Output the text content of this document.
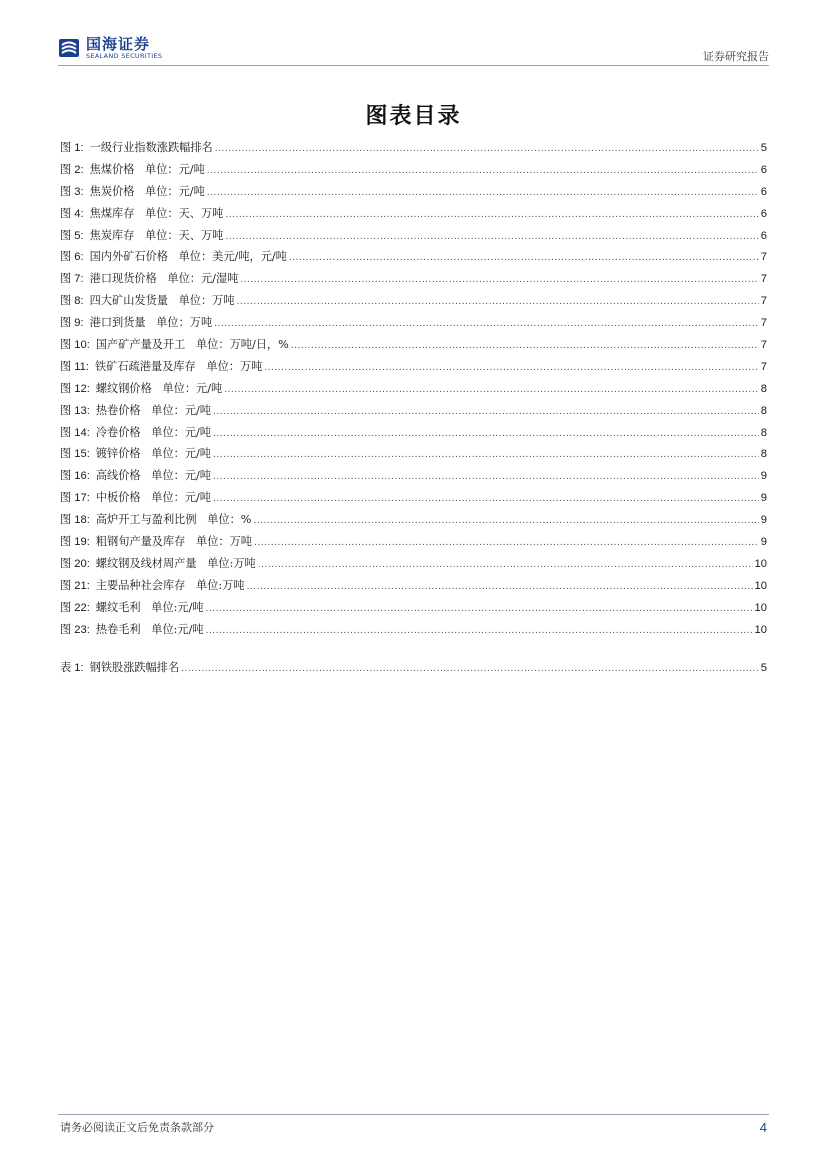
国海证券
SEALAND SECURITIES	证券研究报告
图表目录
图 1: 一级行业指数涨跌幅排名 .....	5
图 2: 焦煤价格   单位：元/吨 .....	6
图 3: 焦炭价格   单位：元/吨 .....	6
图 4: 焦煤库存   单位：天、万吨 .....	6
图 5: 焦炭库存   单位：天、万吨 .....	6
图 6: 国内外矿石价格   单位：美元/吨，元/吨 .....	7
图 7: 港口现货价格   单位：元/湿吨 .....	7
图 8: 四大矿山发货量   单位：万吨 .....	7
图 9: 港口到货量   单位：万吨 .....	7
图 10: 国产矿产量及开工   单位：万吨/日，% .....	7
图 11: 铁矿石疏港量及库存   单位：万吨 .....	7
图 12: 螺纹钢价格   单位：元/吨 .....	8
图 13: 热卷价格   单位：元/吨 .....	8
图 14: 冷卷价格   单位：元/吨 .....	8
图 15: 镀锌价格   单位：元/吨 .....	8
图 16: 高线价格   单位：元/吨 .....	9
图 17: 中板价格   单位：元/吨 .....	9
图 18: 高炉开工与盈利比例   单位：% .....	9
图 19: 粗钢旬产量及库存   单位：万吨 .....	9
图 20: 螺纹钢及线材周产量   单位:万吨 .....	10
图 21: 主要品种社会库存   单位:万吨 .....	10
图 22: 螺纹毛利   单位:元/吨 .....	10
图 23: 热卷毛利   单位:元/吨 .....	10
表 1: 钢铁股涨跌幅排名 .....	5
请务必阅读正文后免责条款部分	4
